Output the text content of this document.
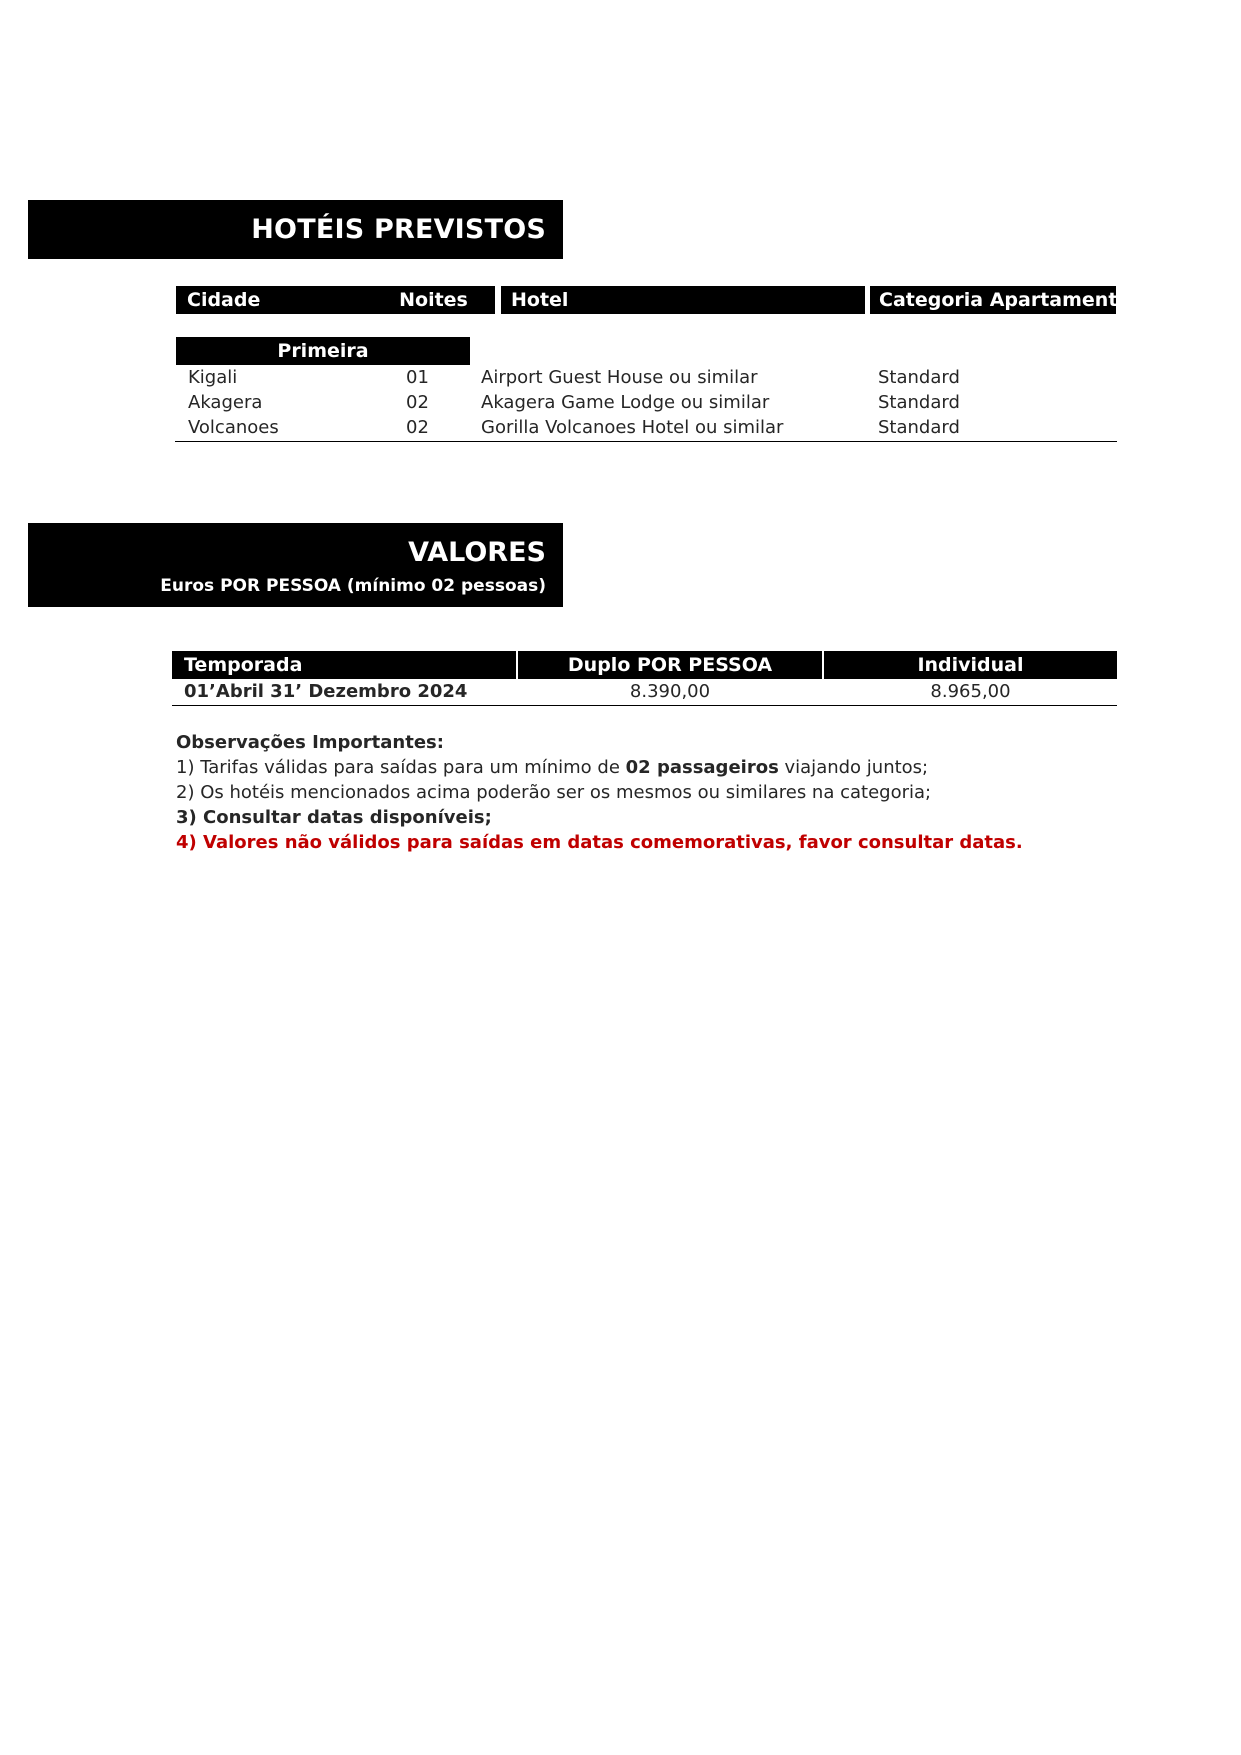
HOTÉIS PREVISTOS
Cidade	Noites	Hotel	Categoria Apartamento
Primeira
Kigali	01	Airport Guest House ou similar	Standard
Akagera	02	Akagera Game Lodge ou similar	Standard
Volcanoes	02	Gorilla Volcanoes Hotel ou similar	Standard
VALORES
Euros POR PESSOA (mínimo 02 pessoas)
Temporada	Duplo POR PESSOA	Individual
01’Abril 31’ Dezembro 2024	8.390,00	8.965,00
Observações Importantes:
1) Tarifas válidas para saídas para um mínimo de 02 passageiros viajando juntos;
2) Os hotéis mencionados acima poderão ser os mesmos ou similares na categoria;
3) Consultar datas disponíveis;
4) Valores não válidos para saídas em datas comemorativas, favor consultar datas.
